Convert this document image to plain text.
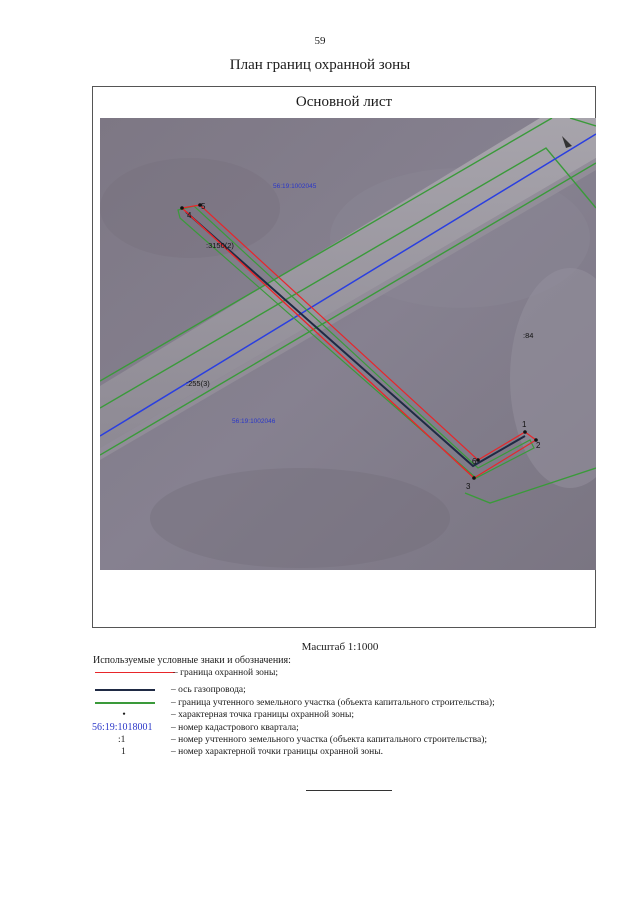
59
План границ охранной зоны
Основной лист
1
2
3
4
5
6
56:19:1002045
56:19:1002046
:3150(2)
:84
:255(3)
Масштаб 1:1000
Используемые условные знаки и обозначения:
– граница охранной зоны;
– ось газопровода;
– граница учтенного земельного участка (объекта капитального строительства);
•	– характерная точка границы охранной зоны;
56:19:1018001	– номер кадастрового квартала;
:1	– номер учтенного земельного участка (объекта капитального строительства);
1	– номер характерной точки границы охранной зоны.
